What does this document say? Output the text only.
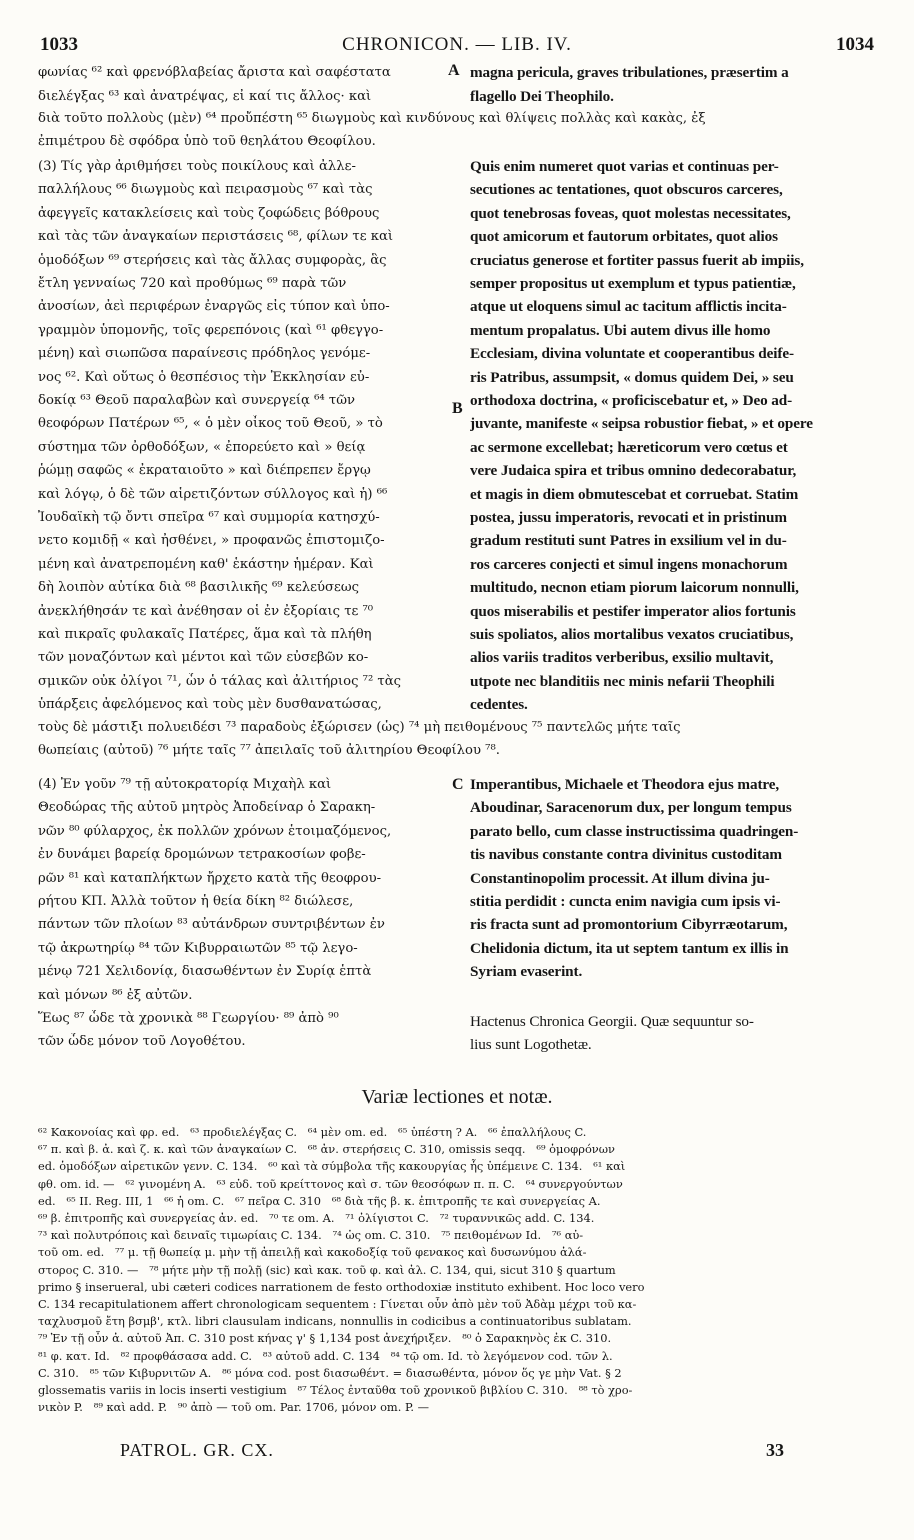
1033	CHRONICON. — LIB. IV.	1034
φωνίας ⁶² καὶ φρενόβλαβείας ἄριστα καὶ σαφέστατα	A magna pericula, graves tribulationes, præsertim a
διελέγξας ⁶³ καὶ ἀνατρέψας, εἰ καί τις ἄλλος· καὶ	flagello Dei Theophilo.
διὰ τοῦτο πολλοὺς (μὲν) ⁶⁴ προὔπέστη ⁶⁵ διωγμοὺς καὶ κινδύνους καὶ θλίψεις πολλὰς καὶ κακὰς, ἐξ
ἐπιμέτρου δὲ σφόδρα ὑπὸ τοῦ θεηλάτου Θεοφίλου.
(3) Τίς γὰρ ἀριθμήσει τοὺς ποικίλους καὶ ἀλλε-
παλλήλους ⁶⁶ διωγμοὺς καὶ πειρασμοὺς ⁶⁷ καὶ τὰς
ἀφεγγεῖς κατακλείσεις καὶ τοὺς ζοφώδεις βόθρους
καὶ τὰς τῶν ἀναγκαίων περιστάσεις ⁶⁸, φίλων τε καὶ
ὁμοδόξων ⁶⁹ στερήσεις καὶ τὰς ἄλλας συμφορὰς, ἃς
ἔτλη γενναίως 720 καὶ προθύμως ⁶⁹ παρὰ τῶν
ἀνοσίων, ἀεὶ περιφέρων ἐναργῶς εἰς τύπον καὶ ὑπο-
γραμμὸν ὑπομονῆς, τοῖς φερεπόνοις (καὶ ⁶¹ φθεγγο-
μένη) καὶ σιωπῶσα παραίνεσις πρόδηλος γενόμε-
νος ⁶². Καὶ οὕτως ὁ θεσπέσιος τὴν Ἐκκλησίαν εὐ-
δοκίᾳ ⁶³ Θεοῦ παραλαβὼν καὶ συνεργείᾳ ⁶⁴ τῶν
θεοφόρων Πατέρων ⁶⁵, « ὁ μὲν οἶκος τοῦ Θεοῦ, » τὸ
σύστημα τῶν ὀρθοδόξων, « ἐπορεύετο καὶ » θείᾳ
ῥώμῃ σαφῶς « ἐκραταιοῦτο » καὶ διέπρεπεν ἔργῳ
καὶ λόγῳ, ὁ δὲ τῶν αἱρετιζόντων σύλλογος καὶ ἡ) ⁶⁶
Ἰουδαϊκὴ τῷ ὄντι σπεῖρα ⁶⁷ καὶ συμμορία κατησχύ-
νετο κομιδῇ « καὶ ἠσθένει, » προφανῶς ἐπιστομιζο-
μένη καὶ ἀνατρεπομένη καθ' ἑκάστην ἡμέραν. Καὶ
δὴ λοιπὸν αὐτίκα διὰ ⁶⁸ βασιλικῆς ⁶⁹ κελεύσεως
ἀνεκλήθησάν τε καὶ ἀνέθησαν οἱ ἐν ἐξορίαις τε ⁷⁰
καὶ πικραῖς φυλακαῖς Πατέρες, ἅμα καὶ τὰ πλήθη
τῶν μοναζόντων καὶ μέντοι καὶ τῶν εὐσεβῶν κο-
σμικῶν οὐκ ὀλίγοι ⁷¹, ὧν ὁ τάλας καὶ ἀλιτήριος ⁷² τὰς
ὑπάρξεις ἀφελόμενος καὶ τοὺς μὲν δυσθανατώσας,
Quis enim numeret quot varias et continuas per-
secutiones ac tentationes, quot obscuros carceres,
quot tenebrosas foveas, quot molestas necessitates,
quot amicorum et fautorum orbitates, quot alios
cruciatus generose et fortiter passus fuerit ab impiis,
semper propositus ut exemplum et typus patientiæ,
atque ut eloquens simul ac tacitum afflictis incita-
mentum propalatus. Ubi autem divus ille homo
Ecclesiam, divina voluntate et cooperantibus deife-
ris Patribus, assumpsit, « domus quidem Dei, » seu
orthodoxa doctrina, « proficiscebatur et, » Deo ad-
juvante, manifeste « seipsa robustior fiebat, » et opere
ac sermone excellebat; hæreticorum vero cœtus et
vere Judaica spira et tribus omnino dedecorabatur,
et magis in diem obmutescebat et corruebat. Statim
postea, jussu imperatoris, revocati et in pristinum
gradum restituti sunt Patres in exsilium vel in du-
ros carceres conjecti et simul ingens monachorum
multitudo, necnon etiam piorum laicorum nonnulli,
quos miserabilis et pestifer imperator alios fortunis
suis spoliatos, alios mortalibus vexatos cruciatibus,
alios variis traditos verberibus, exsilio multavit,
utpote nec blanditiis nec minis nefarii Theophili
cedentes.
B
τοὺς δὲ μάστιξι πολυειδέσι ⁷³ παραδοὺς ἐξώρισεν (ὡς) ⁷⁴ μὴ πειθομένους ⁷⁵ παντελῶς μήτε ταῖς
θωπείαις (αὐτοῦ) ⁷⁶ μήτε ταῖς ⁷⁷ ἀπειλαῖς τοῦ ἀλιτηρίου Θεοφίλου ⁷⁸.
(4) Ἐν γοῦν ⁷⁹ τῇ αὐτοκρατορίᾳ Μιχαὴλ καὶ
Θεοδώρας τῆς αὐτοῦ μητρὸς Ἀποδείναρ ὁ Σαρακη-
νῶν ⁸⁰ φύλαρχος, ἐκ πολλῶν χρόνων ἑτοιμαζόμενος,
ἐν δυνάμει βαρείᾳ δρομώνων τετρακοσίων φοβε-
ρῶν ⁸¹ καὶ καταπλήκτων ἤρχετο κατὰ τῆς θεοφρου-
ρήτου ΚΠ. Ἀλλὰ τοῦτον ἡ θεία δίκη ⁸² διώλεσε,
πάντων τῶν πλοίων ⁸³ αὐτάνδρων συντριβέντων ἐν
τῷ ἀκρωτηρίῳ ⁸⁴ τῶν Κιβυρραιωτῶν ⁸⁵ τῷ λεγο-
μένῳ 721 Χελιδονίᾳ, διασωθέντων ἐν Συρίᾳ ἑπτὰ
καὶ μόνων ⁸⁶ ἐξ αὐτῶν.
Ἕως ⁸⁷ ὧδε τὰ χρονικὰ ⁸⁸ Γεωργίου· ⁸⁹ ἀπὸ ⁹⁰
τῶν ὧδε μόνον τοῦ Λογοθέτου.
Imperantibus, Michaele et Theodora ejus matre,
Aboudinar, Saracenorum dux, per longum tempus
parato bello, cum classe instructissima quadringen-
tis navibus constante contra divinitus custoditam
Constantinopolim processit. At illum divina ju-
stitia perdidit : cuncta enim navigia cum ipsis vi-
ris fracta sunt ad promontorium Cibyrræotarum,
Chelidonia dictum, ita ut septem tantum ex illis in
Syriam evaserint.
Hactenus Chronica Georgii. Quæ sequuntur so-
lius sunt Logothetæ.
C
Variæ lectiones et notæ.
⁶² Κακονοίας καὶ φρ. ed.   ⁶³ προδιελέγξας C.   ⁶⁴ μὲν om. ed.   ⁶⁵ ὑπέστη ? A.   ⁶⁶ ἐπαλλήλους C.
⁶⁷ π. καὶ β. ἀ. καὶ ζ. κ. καὶ τῶν ἀναγκαίων C.   ⁶⁸ ἀν. στερήσεις C. 310, omissis seqq.   ⁶⁹ ὁμοφρόνων
ed. ὁμοδόξων αἱρετικῶν γενν. C. 134.   ⁶⁰ καὶ τὰ σύμβολα τῆς κακουργίας ἧς ὑπέμεινε C. 134.   ⁶¹ καὶ
φθ. om. id. —   ⁶² γινομένη A.   ⁶³ εὐδ. τοῦ κρείττονος καὶ σ. τῶν θεοσόφων π. π. C.   ⁶⁴ συνεργούντων
ed.   ⁶⁵ II. Reg. III, 1   ⁶⁶ ἡ om. C.   ⁶⁷ πεῖρα C. 310   ⁶⁸ διὰ τῆς β. κ. ἐπιτροπῆς τε καὶ συνεργείας A.
⁶⁹ β. ἐπιτροπῆς καὶ συνεργείας ἀν. ed.   ⁷⁰ τε om. A.   ⁷¹ ὀλίγιστοι C.   ⁷² τυραννικῶς add. C. 134.
⁷³ καὶ πολυτρόποις καὶ δειναῖς τιμωρίαις C. 134.   ⁷⁴ ὡς om. C. 310.   ⁷⁵ πειθομένων Id.   ⁷⁶ αὐ-
τοῦ om. ed.   ⁷⁷ μ. τῇ θωπείᾳ μ. μὴν τῇ ἀπειλῇ καὶ κακοδοξίᾳ τοῦ φενακος καὶ δυσωνύμου ἀλά-
στορος C. 310. —   ⁷⁸ μήτε μὴν τῇ πολῇ (sic) καὶ κακ. τοῦ φ. καὶ ἀλ. C. 134, qui, sicut 310 § quartum
primo § inserueral, ubi cæteri codices narrationem de festo orthodoxiæ instituto exhibent. Hoc loco vero
C. 134 recapitulationem affert chronologicam sequentem : Γίνεται οὖν ἀπὸ μὲν τοῦ Ἀδὰμ μέχρι τοῦ κα-
ταχλυσμοῦ ἔτη βσμβ', κτλ. libri clausulam indicans, nonnullis in codicibus a continuatoribus sublatam.
⁷⁹ Ἐν τῇ οὖν ἀ. αὐτοῦ Ἀπ. C. 310 post κήνας γ' § 1,134 post ἀνεχήριξεν.   ⁸⁰ ὁ Σαρακηνὸς ἐκ C. 310.
⁸¹ φ. κατ. Id.   ⁸² προφθάσασα add. C.   ⁸³ αὐτοῦ add. C. 134   ⁸⁴ τῷ om. Id. τὸ λεγόμενον cod. τῶν λ.
C. 310.   ⁸⁵ τῶν Κιβυρνιτῶν A.   ⁸⁶ μόνα cod. post διασωθέντ. = διασωθέντα, μόνον ὅς γε μὴν Vat. § 2
glossematis variis in locis inserti vestigium   ⁸⁷ Τέλος ἐνταῦθα τοῦ χρονικοῦ βιβλίου C. 310.   ⁸⁸ τὸ χρο-
νικὸν P.   ⁸⁹ καὶ add. P.   ⁹⁰ ἀπὸ — τοῦ om. Par. 1706, μόνον om. P. —
PATROL. GR. CX.	33
